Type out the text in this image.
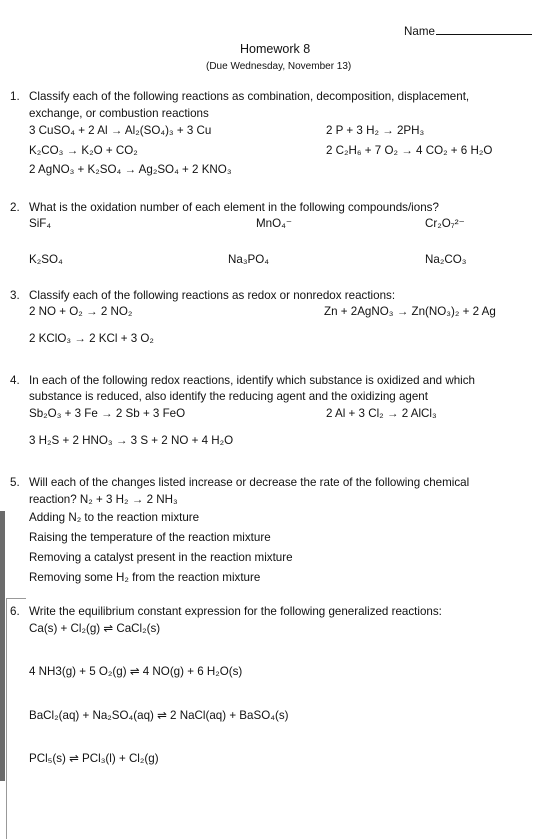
Name
Homework 8
(Due Wednesday, November 13)
1. Classify each of the following reactions as combination, decomposition, displacement,
exchange, or combustion reactions
3 CuSO₄ + 2 Al → Al₂(SO₄)₃ + 3 Cu	2 P + 3 H₂ → 2PH₃
K₂CO₃ → K₂O + CO₂	2 C₂H₆ + 7 O₂ → 4 CO₂ + 6 H₂O
2 AgNO₃ + K₂SO₄ → Ag₂SO₄ + 2 KNO₃
2. What is the oxidation number of each element in the following compounds/ions?
SiF₄	MnO₄⁻	Cr₂O₇²⁻
K₂SO₄	Na₃PO₄	Na₂CO₃
3. Classify each of the following reactions as redox or nonredox reactions:
2 NO + O₂ → 2 NO₂	Zn + 2AgNO₃ → Zn(NO₃)₂ + 2 Ag
2 KClO₃ → 2 KCl + 3 O₂
4. In each of the following redox reactions, identify which substance is oxidized and which
substance is reduced, also identify the reducing agent and the oxidizing agent
Sb₂O₃ + 3 Fe → 2 Sb + 3 FeO	2 Al + 3 Cl₂ → 2 AlCl₃
3 H₂S + 2 HNO₃ → 3 S + 2 NO + 4 H₂O
5. Will each of the changes listed increase or decrease the rate of the following chemical
reaction? N₂ + 3 H₂ → 2 NH₃
Adding N₂ to the reaction mixture
Raising the temperature of the reaction mixture
Removing a catalyst present in the reaction mixture
Removing some H₂ from the reaction mixture
6. Write the equilibrium constant expression for the following generalized reactions:
Ca(s) + Cl₂(g) ⇌ CaCl₂(s)
4 NH3(g) + 5 O₂(g) ⇌ 4 NO(g) + 6 H₂O(s)
BaCl₂(aq) + Na₂SO₄(aq) ⇌ 2 NaCl(aq) + BaSO₄(s)
PCl₅(s) ⇌ PCl₃(l) + Cl₂(g)
